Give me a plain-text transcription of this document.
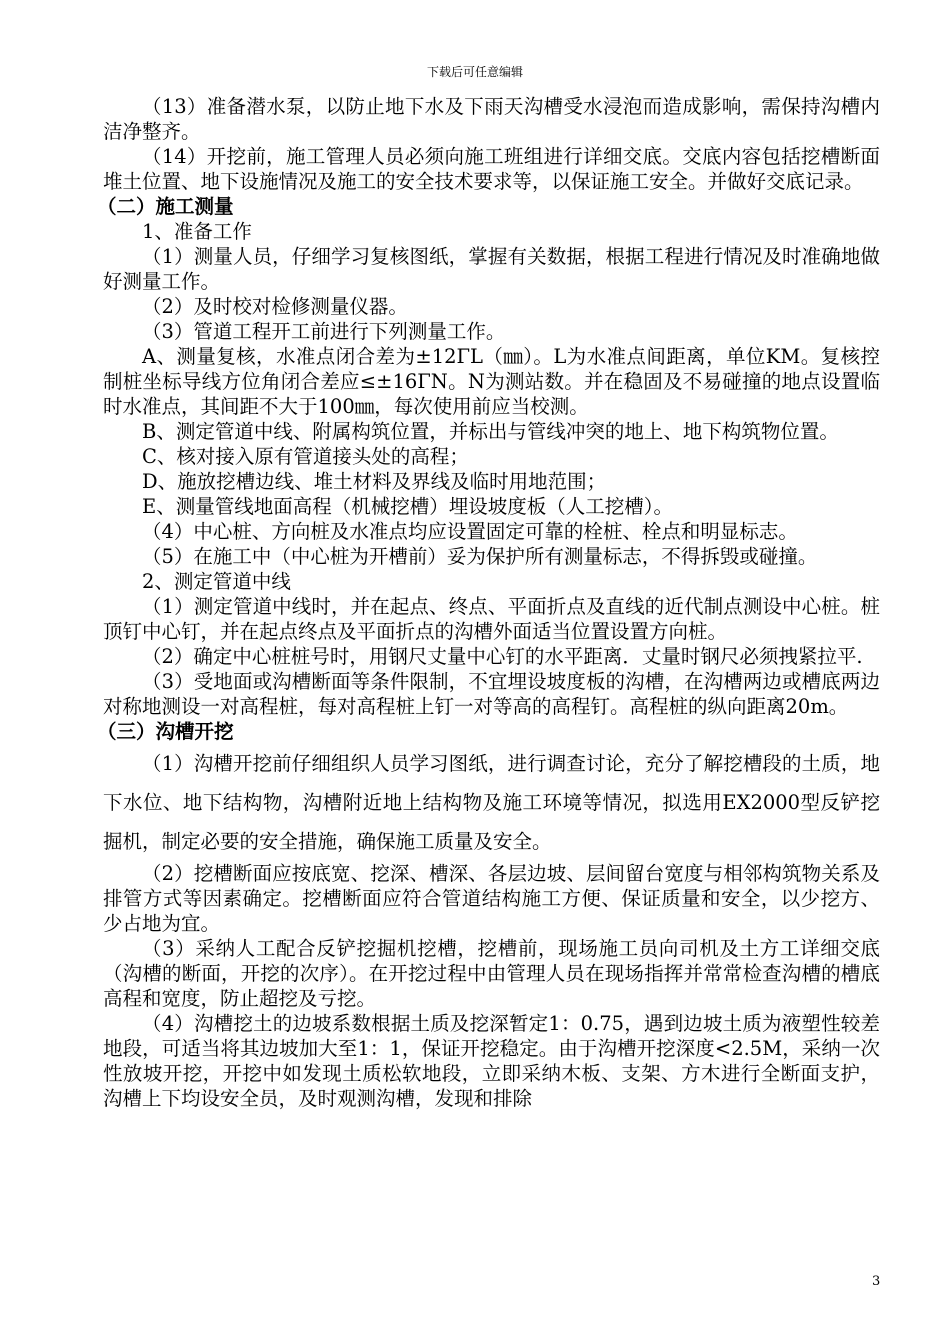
下载后可任意编辑

（13）准备潜水泵，以防止地下水及下雨天沟槽受水浸泡而造成影响，需保持沟槽内洁净整齐。

（14）开挖前，施工管理人员必须向施工班组进行详细交底。交底内容包括挖槽断面堆土位置、地下设施情况及施工的安全技术要求等，以保证施工安全。并做好交底记录。

（二）施工测量

1、准备工作

（1）测量人员，仔细学习复核图纸，掌握有关数据，根据工程进行情况及时准确地做好测量工作。

（2）及时校对检修测量仪器。

（3）管道工程开工前进行下列测量工作。

A、测量复核，水准点闭合差为±12ΓL（㎜）。L为水准点间距离，单位KM。复核控制桩坐标导线方位角闭合差应≤±16ΓN。N为测站数。并在稳固及不易碰撞的地点设置临时水准点，其间距不大于100㎜，每次使用前应当校测。

B、测定管道中线、附属构筑位置，并标出与管线冲突的地上、地下构筑物位置。

C、核对接入原有管道接头处的高程；

D、施放挖槽边线、堆土材料及界线及临时用地范围；

E、测量管线地面高程（机械挖槽）埋设坡度板（人工挖槽）。

（4）中心桩、方向桩及水准点均应设置固定可靠的栓桩、栓点和明显标志。

（5）在施工中（中心桩为开槽前）妥为保护所有测量标志，不得拆毁或碰撞。

2、测定管道中线

（1）测定管道中线时，并在起点、终点、平面折点及直线的近代制点测设中心桩。桩顶钉中心钉，并在起点终点及平面折点的沟槽外面适当位置设置方向桩。

（2）确定中心桩桩号时，用钢尺丈量中心钉的水平距离．丈量时钢尺必须拽紧拉平.

（3）受地面或沟槽断面等条件限制，不宜埋设坡度板的沟槽，在沟槽两边或槽底两边对称地测设一对高程桩，每对高程桩上钉一对等高的高程钉。高程桩的纵向距离20m。

（三）沟槽开挖

（1）沟槽开挖前仔细组织人员学习图纸，进行调查讨论，充分了解挖槽段的土质，地下水位、地下结构物，沟槽附近地上结构物及施工环境等情况，拟选用EX2000型反铲挖掘机，制定必要的安全措施，确保施工质量及安全。

（2）挖槽断面应按底宽、挖深、槽深、各层边坡、层间留台宽度与相邻构筑物关系及排管方式等因素确定。挖槽断面应符合管道结构施工方便、保证质量和安全，以少挖方、少占地为宜。

（3）采纳人工配合反铲挖掘机挖槽，挖槽前，现场施工员向司机及土方工详细交底（沟槽的断面，开挖的次序）。在开挖过程中由管理人员在现场指挥并常常检查沟槽的槽底高程和宽度，防止超挖及亏挖。

（4）沟槽挖土的边坡系数根据土质及挖深暂定1：0.75，遇到边坡土质为液塑性较差地段，可适当将其边坡加大至1：1，保证开挖稳定。由于沟槽开挖深度<2.5M，采纳一次性放坡开挖，开挖中如发现土质松软地段，立即采纳木板、支架、方木进行全断面支护，沟槽上下均设安全员，及时观测沟槽，发现和排除

3
